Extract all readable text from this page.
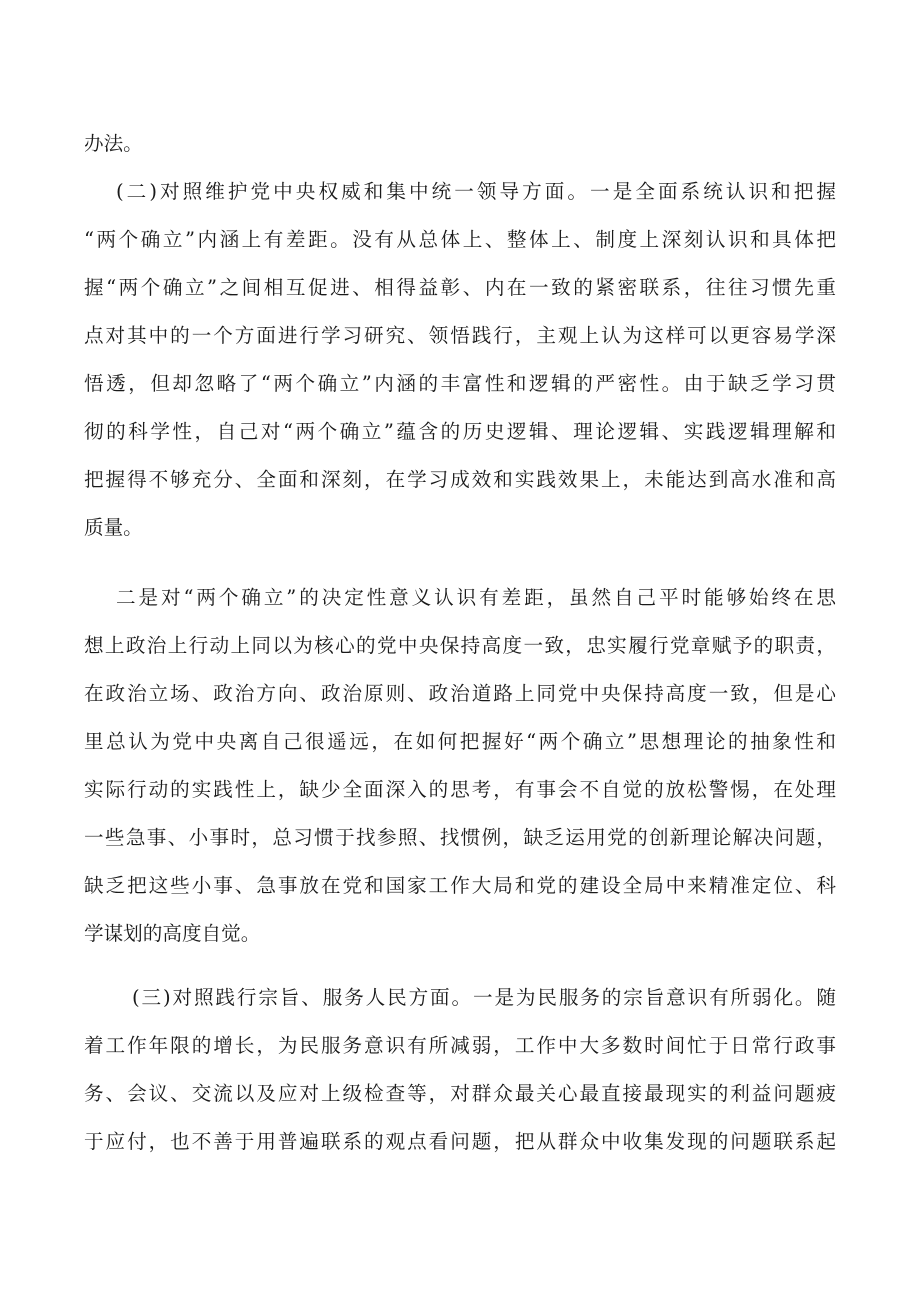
办法。
(二)对照维护党中央权威和集中统一领导方面。一是全面系统认识和把握
“两个确立”内涵上有差距。没有从总体上、整体上、制度上深刻认识和具体把
握“两个确立”之间相互促进、相得益彰、内在一致的紧密联系，往往习惯先重
点对其中的一个方面进行学习研究、领悟践行，主观上认为这样可以更容易学深
悟透，但却忽略了“两个确立”内涵的丰富性和逻辑的严密性。由于缺乏学习贯
彻的科学性，自己对“两个确立”蕴含的历史逻辑、理论逻辑、实践逻辑理解和
把握得不够充分、全面和深刻，在学习成效和实践效果上，未能达到高水准和高
质量。
二是对“两个确立”的决定性意义认识有差距，虽然自己平时能够始终在思
想上政治上行动上同以为核心的党中央保持高度一致，忠实履行党章赋予的职责，
在政治立场、政治方向、政治原则、政治道路上同党中央保持高度一致，但是心
里总认为党中央离自己很遥远，在如何把握好“两个确立”思想理论的抽象性和
实际行动的实践性上，缺少全面深入的思考，有事会不自觉的放松警惕，在处理
一些急事、小事时，总习惯于找参照、找惯例，缺乏运用党的创新理论解决问题，
缺乏把这些小事、急事放在党和国家工作大局和党的建设全局中来精准定位、科
学谋划的高度自觉。
(三)对照践行宗旨、服务人民方面。一是为民服务的宗旨意识有所弱化。随
着工作年限的增长，为民服务意识有所减弱，工作中大多数时间忙于日常行政事
务、会议、交流以及应对上级检查等，对群众最关心最直接最现实的利益问题疲
于应付，也不善于用普遍联系的观点看问题，把从群众中收集发现的问题联系起
